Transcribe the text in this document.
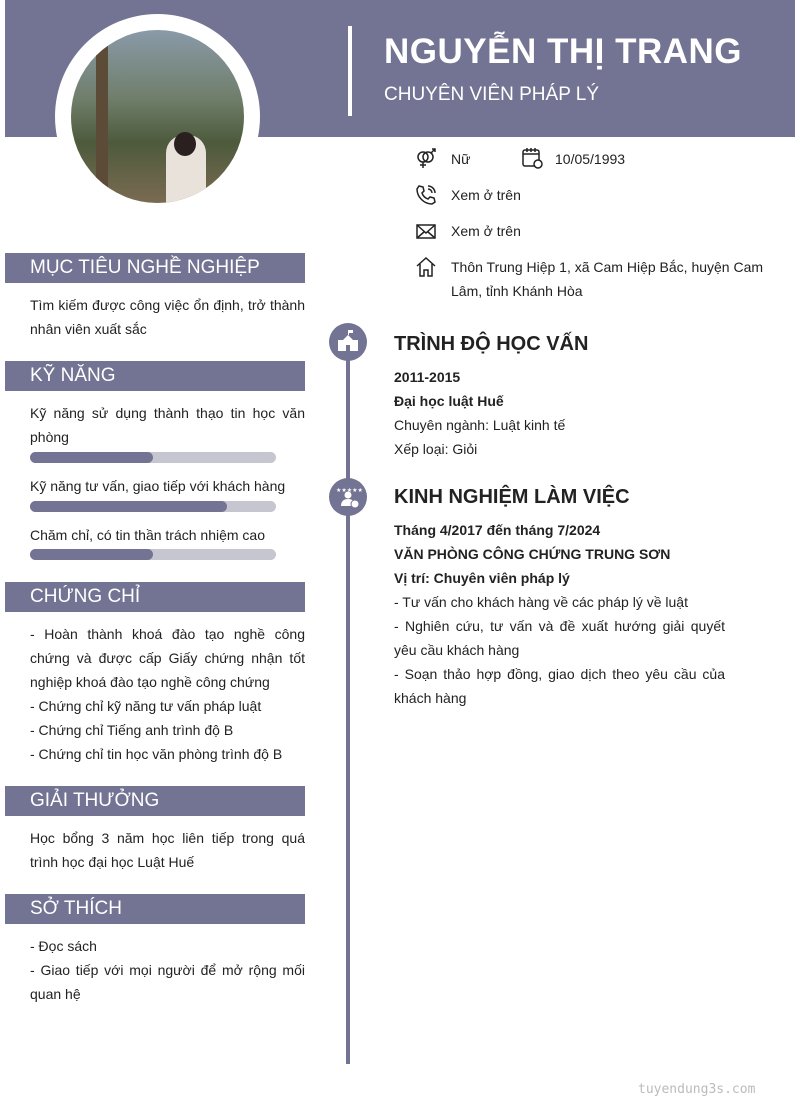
NGUYỄN THỊ TRANG
CHUYÊN VIÊN PHÁP LÝ
Nữ	10/05/1993
Xem ở trên
Xem ở trên
Thôn Trung Hiệp 1, xã Cam Hiệp Bắc, huyện Cam Lâm, tỉnh Khánh Hòa
MỤC TIÊU NGHỀ NGHIỆP
Tìm kiếm được công việc ổn định, trở thành nhân viên xuất sắc
KỸ NĂNG
Kỹ năng sử dụng thành thạo tin học văn phòng
Kỹ năng tư vấn, giao tiếp với khách hàng
Chăm chỉ, có tin thần trách nhiệm cao
CHỨNG CHỈ
- Hoàn thành khoá đào tạo nghề công chứng và được cấp Giấy chứng nhận tốt nghiệp khoá đào tạo nghề công chứng
- Chứng chỉ kỹ năng tư vấn pháp luật
- Chứng chỉ Tiếng anh trình độ B
- Chứng chỉ tin học văn phòng trình độ B
GIẢI THƯỞNG
Học bổng 3 năm học liên tiếp trong quá trình học đại học Luật Huế
SỞ THÍCH
- Đọc sách
- Giao tiếp với mọi người để mở rộng mối quan hệ
TRÌNH ĐỘ HỌC VẤN
2011-2015
Đại học luật Huế
Chuyên ngành: Luật kinh tế
Xếp loại: Giỏi
★★★★★ KINH NGHIỆM LÀM VIỆC
Tháng 4/2017 đến tháng 7/2024
VĂN PHÒNG CÔNG CHỨNG TRUNG SƠN
Vị trí: Chuyên viên pháp lý
- Tư vấn cho khách hàng về các pháp lý về luật
- Nghiên cứu, tư vấn và đề xuất hướng giải quyết yêu cầu khách hàng
- Soạn thảo hợp đồng, giao dịch theo yêu cầu của khách hàng
tuyendung3s.com
